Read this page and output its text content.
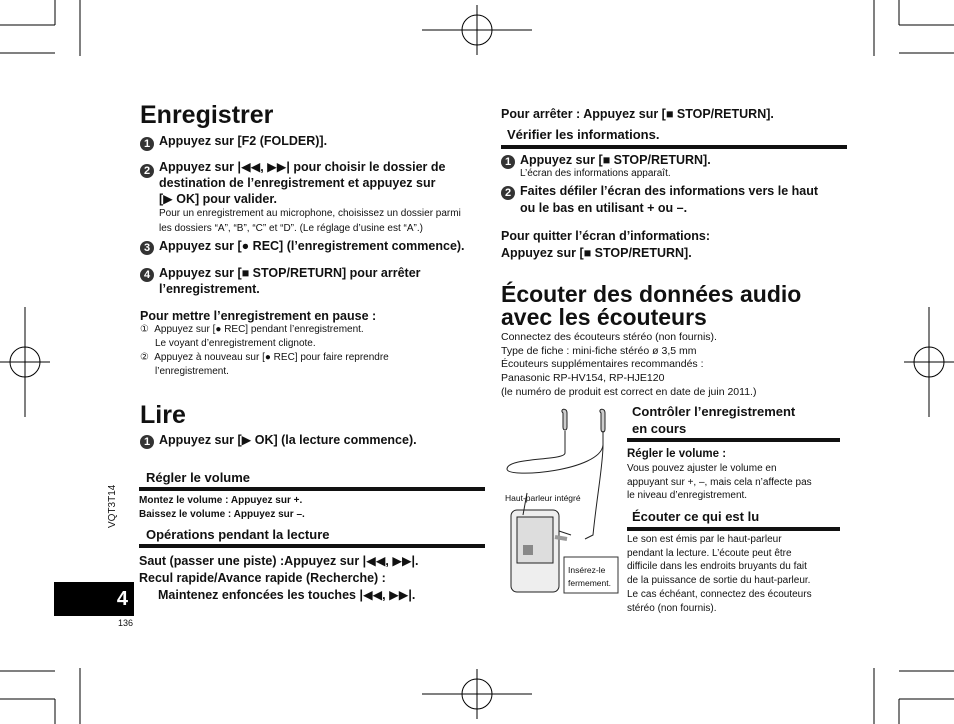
Enregistrer
1 Appuyez sur [F2 (FOLDER)].
2 Appuyez sur |◀◀, ▶▶| pour choisir le dossier de
destination de l’enregistrement et appuyez sur
[▶ OK] pour valider.
Pour un enregistrement au microphone, choisissez un dossier parmi
les dossiers “A”, “B”, “C” et “D”. (Le réglage d’usine est “A”.)
3 Appuyez sur [● REC] (l’enregistrement commence).
4 Appuyez sur [■ STOP/RETURN] pour arrêter
l’enregistrement.
Pour mettre l’enregistrement en pause :
① Appuyez sur [● REC] pendant l’enregistrement.
Le voyant d’enregistrement clignote.
② Appuyez à nouveau sur [● REC] pour faire reprendre
l’enregistrement.
Lire
1 Appuyez sur [▶ OK] (la lecture commence).
Régler le volume
Montez le volume : Appuyez sur +.
Baissez le volume : Appuyez sur –.
Opérations pendant la lecture
Saut (passer une piste) :Appuyez sur |◀◀, ▶▶|.
Recul rapide/Avance rapide (Recherche) :
Maintenez enfoncées les touches |◀◀, ▶▶|.
VQT3T14
4
136
Pour arrêter : Appuyez sur [■ STOP/RETURN].
Vérifier les informations.
1 Appuyez sur [■ STOP/RETURN].
L’écran des informations apparaît.
2 Faites défiler l’écran des informations vers le haut
ou le bas en utilisant + ou –.
Pour quitter l’écran d’informations:
Appuyez sur [■ STOP/RETURN].
Écouter des données audio
avec les écouteurs
Connectez des écouteurs stéréo (non fournis).
Type de fiche : mini-fiche stéréo ø 3,5 mm
Écouteurs supplémentaires recommandés :
Panasonic RP-HV154, RP-HJE120
(le numéro de produit est correct en date de juin 2011.)
Haut-parleur intégré
Insérez-le
fermement.
Contrôler l’enregistrement
en cours
Régler le volume :
Vous pouvez ajuster le volume en
appuyant sur +, –, mais cela n’affecte pas
le niveau d’enregistrement.
Écouter ce qui est lu
Le son est émis par le haut-parleur
pendant la lecture. L’écoute peut être
difficile dans les endroits bruyants du fait
de la puissance de sortie du haut-parleur.
Le cas échéant, connectez des écouteurs
stéréo (non fournis).
